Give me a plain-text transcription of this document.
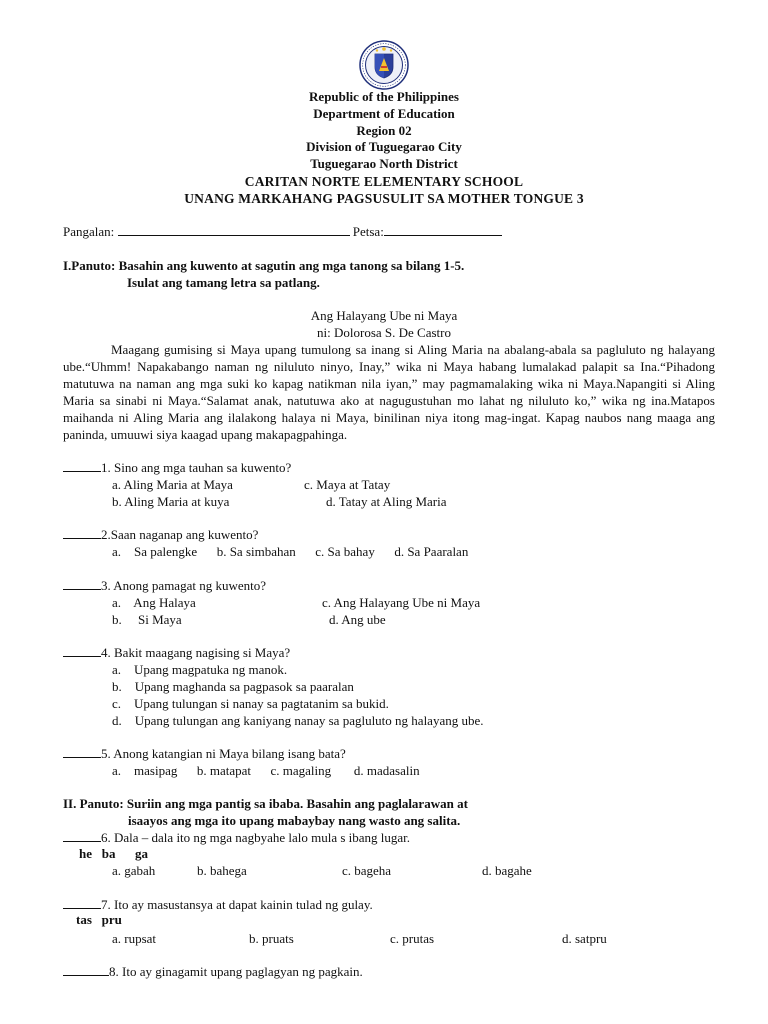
Republic of the Philippines
Department of Education
Region 02
Division of Tuguegarao City
Tuguegarao North District
CARITAN NORTE ELEMENTARY SCHOOL
UNANG MARKAHANG PAGSUSULIT SA MOTHER TONGUE 3
Pangalan:	Petsa:
I.Panuto: Basahin ang kuwento at sagutin ang mga tanong sa bilang 1-5.
Isulat ang tamang letra sa patlang.
Ang Halayang Ube ni Maya
ni: Dolorosa S. De Castro

Maagang gumising si Maya upang tumulong sa inang si Aling Maria na abalang-abala sa pagluluto ng halayang ube.“Uhmm! Napakabango naman ng niluluto ninyo, Inay,” wika ni Maya habang lumalakad palapit sa Ina.“Pihadong matutuwa na naman ang mga suki ko kapag natikman nila iyan,” may pagmamalaking wika ni Maya.Napangiti si Aling Maria sa sinabi ni Maya.“Salamat anak, natutuwa ako at nagugustuhan mo lahat ng niluluto ko,” wika ng ina.Matapos maihanda ni Aling Maria ang ilalakong halaya ni Maya, binilinan niya itong mag-ingat. Kapag naubos nang maaga ang paninda, umuuwi siya kaagad upang makapagpahinga.

1. Sino ang mga tauhan sa kuwento?
a. Aling Maria at Maya	c. Maya at Tatay
b. Aling Maria at kuya	d. Tatay at Aling Maria
2.Saan naganap ang kuwento?
a.    Sa palengke      b. Sa simbahan      c. Sa bahay      d. Sa Paaralan
3. Anong pamagat ng kuwento?
a.    Ang Halaya	c. Ang Halayang Ube ni Maya
b.     Si Maya	d. Ang ube
4. Bakit maagang nagising si Maya?
a.    Upang magpatuka ng manok.
b.    Upang maghanda sa pagpasok sa paaralan
c.    Upang tulungan si nanay sa pagtatanim sa bukid.
d.    Upang tulungan ang kaniyang nanay sa pagluluto ng halayang ube.
5. Anong katangian ni Maya bilang isang bata?
a.    masipag      b. matapat      c. magaling       d. madasalin
II. Panuto: Suriin ang mga pantig sa ibaba. Basahin ang paglalarawan at
isaayos ang mga ito upang mabaybay nang wasto ang salita.
6. Dala – dala ito ng mga nagbyahe lalo mula s ibang lugar.
he   ba      ga
a. gabah	b. bahega	c. bageha	d. bagahe
7. Ito ay masustansya at dapat kainin tulad ng gulay.
tas   pru
a. rupsat	b. pruats	c. prutas	d. satpru
8. Ito ay ginagamit upang paglagyan ng pagkain.
